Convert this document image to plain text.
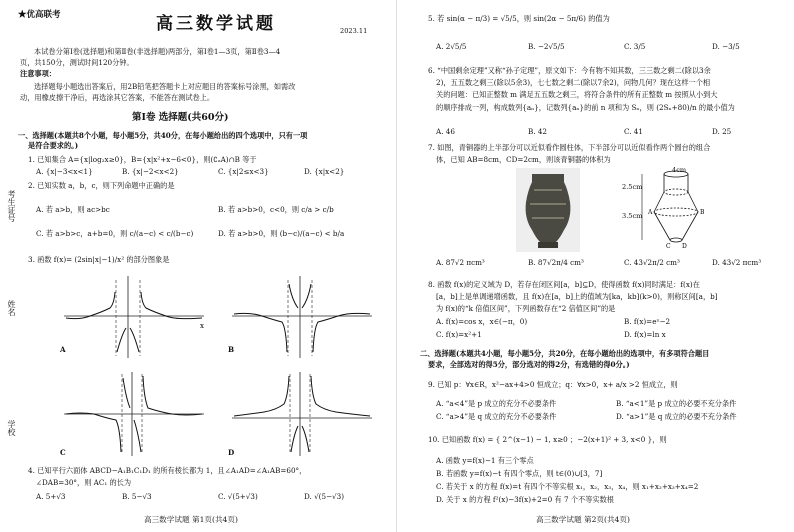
★优高联考	高三数学试题	2023.11
本试卷分第Ⅰ卷(选择题)和第Ⅱ卷(非选择题)两部分，第Ⅰ卷1—3页，第Ⅱ卷3—4
页，共150分，测试时间120分钟。
注意事项：
选择题每小题选出答案后，用2B铅笔把答题卡上对应题目的答案标号涂黑，如需改
动，用橡皮擦干净后，再选涂其它答案，不能答在测试卷上。
第Ⅰ卷 选择题(共60分)
一、选择题(本题共8个小题，每小题5分，共40分，在每小题给出的四个选项中，只有一项
是符合要求的。)
1. 已知集合 A={x|log₂x≥0}，B={x|x²+x−6<0}，则(∁ₐA)∩B 等于
A. {x|−3<x<1}	B. {x|−2<x<2}	C. {x|2≤x<3}	D. {x|x<2}
2. 已知实数 a，b，c，则下列命题中正确的是
A. 若 a>b，则 ac>bc	B. 若 a>b>0，c<0，则 c/a > c/b
C. 若 a>b>c，a+b=0，则 c/(a−c) < c/(b−c)	D. 若 a>b>0，则 (b−c)/(a−c) < b/a
3. 函数 f(x)= (2sin|x|−1)/x² 的部分图象是
x
A	B
C	D
4. 已知平行六面体 ABCD−A₁B₁C₁D₁ 的所有棱长都为 1，且∠A₁AD=∠A₁AB=60°，
∠DAB=30°，则 AC₁ 的长为
A. 5+√3	B. 5−√3	C. √(5+√3)	D. √(5−√3)
高三数学试题 第1页(共4页)
考生证号
姓名
学校
5. 若 sin(α − π/3) = √5/5，则 sin(2α − 5π/6) 的值为
A. 2√5/5	B. −2√5/5	C. 3/5	D. −3/5
6. “中国剩余定理”又称“孙子定理”，原文如下：今有物不知其数，三三数之剩二(除以3余
2)，五五数之剩三(除以5余3)，七七数之剩二(除以7余2)，问物几何？现在这样一个相
关的问题：已知正整数 m 满足五五数之剩三，将符合条件的所有正整数 m 按照从小到大
的顺序排成一列，构成数列{aₙ}，记数列{aₙ}的前 n 项和为 Sₙ，则 (2Sₙ+80)/n 的最小值为
A. 46	B. 42	C. 41	D. 25
7. 如图，青铜器的上半部分可以近似看作圆柱体，下半部分可以近似看作两个圆台的组合
体，已知 AB=8cm，CD=2cm，则该青铜器的体积为
A	B
C D
4cm
2.5cm
3.5cm
A. 87√2 πcm³	B. 87√2π/4 cm³	C. 43√2π/2 cm³	D. 43√2 πcm³
8. 函数 f(x)的定义域为 D，若存在闭区间[a，b]⊆D，使得函数 f(x)同时满足：f(x)在
[a，b]上是单调递增函数，且 f(x)在[a，b]上的值域为[ka，kb](k>0)，则称区间[a，b]
为 f(x)的“k 倍值区间”，下列函数存在“2 倍值区间”的是
A. f(x)=cos x，x∈(−π，0)	B. f(x)=eˣ−2
C. f(x)=x²+1	D. f(x)=ln x
二、选择题(本题共4小题，每小题5分，共20分，在每小题给出的选项中，有多项符合题目
要求，全部选对的得5分，部分选对的得2分，有选错的得0分。)
9. 已知 p：∀x∈R，x²−ax+4>0 恒成立；q：∀x>0，x+ a/x >2 恒成立，则
A. “a<4”是 p 成立的充分不必要条件	B. “a<1”是 p 成立的必要不充分条件
C. “a>4”是 q 成立的充分不必要条件	D. “a>1”是 q 成立的必要不充分条件
10. 已知函数 f(x) = { 2^(x−1) − 1, x≥0 ；−2(x+1)² + 3, x<0 }，则
A. 函数 y=f(x)−1 有三个零点
B. 若函数 y=f(x)−t 有四个零点，则 t∈(0)∪[3，7]
C. 若关于 x 的方程 f(x)=t 有四个不等实根 x₁，x₂，x₃，x₄，则 x₁+x₂+x₃+x₄=2
D. 关于 x 的方程 f²(x)−3f(x)+2=0 有 7 个不等实数根
高三数学试题 第2页(共4页)
